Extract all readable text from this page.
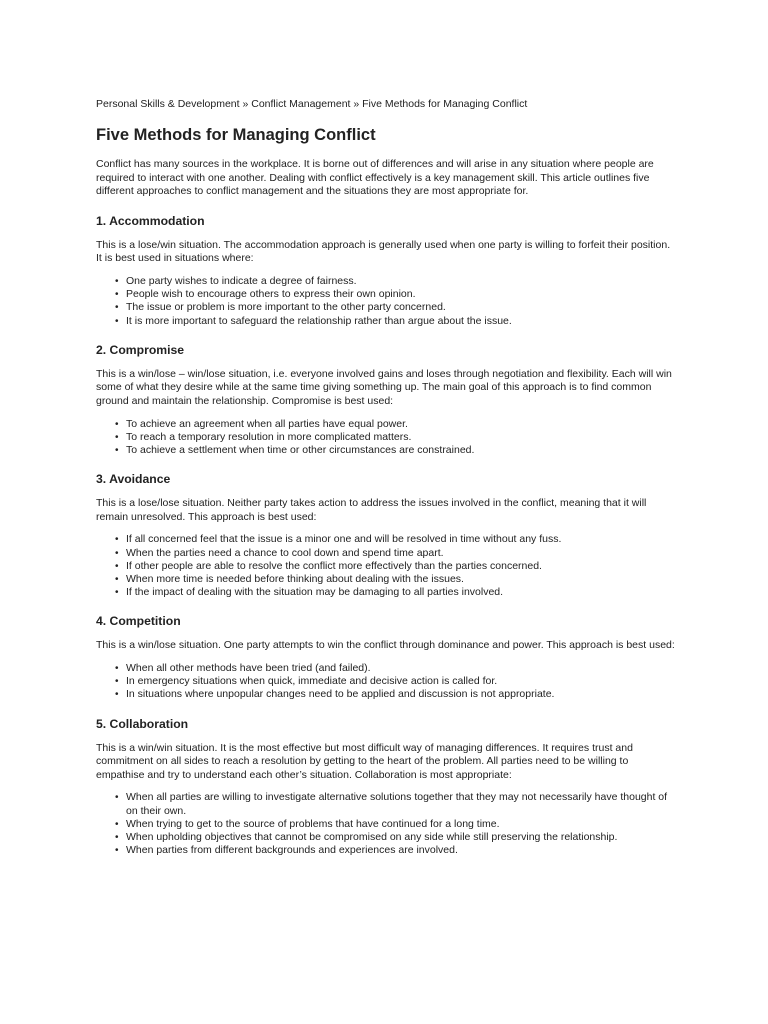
Personal Skills & Development » Conflict Management » Five Methods for Managing Conflict

Five Methods for Managing Conflict

Conflict has many sources in the workplace. It is borne out of differences and will arise in any situation where people are required to interact with one another. Dealing with conflict effectively is a key management skill. This article outlines five different approaches to conflict management and the situations they are most appropriate for.

1. Accommodation

This is a lose/win situation. The accommodation approach is generally used when one party is willing to forfeit their position. It is best used in situations where:

• One party wishes to indicate a degree of fairness.
• People wish to encourage others to express their own opinion.
• The issue or problem is more important to the other party concerned.
• It is more important to safeguard the relationship rather than argue about the issue.
2. Compromise

This is a win/lose – win/lose situation, i.e. everyone involved gains and loses through negotiation and flexibility. Each will win some of what they desire while at the same time giving something up. The main goal of this approach is to find common ground and maintain the relationship. Compromise is best used:

• To achieve an agreement when all parties have equal power.
• To reach a temporary resolution in more complicated matters.
• To achieve a settlement when time or other circumstances are constrained.
3. Avoidance

This is a lose/lose situation. Neither party takes action to address the issues involved in the conflict, meaning that it will remain unresolved. This approach is best used:

• If all concerned feel that the issue is a minor one and will be resolved in time without any fuss.
• When the parties need a chance to cool down and spend time apart.
• If other people are able to resolve the conflict more effectively than the parties concerned.
• When more time is needed before thinking about dealing with the issues.
• If the impact of dealing with the situation may be damaging to all parties involved.
4. Competition

This is a win/lose situation. One party attempts to win the conflict through dominance and power. This approach is best used:

• When all other methods have been tried (and failed).
• In emergency situations when quick, immediate and decisive action is called for.
• In situations where unpopular changes need to be applied and discussion is not appropriate.
5. Collaboration

This is a win/win situation. It is the most effective but most difficult way of managing differences. It requires trust and commitment on all sides to reach a resolution by getting to the heart of the problem. All parties need to be willing to empathise and try to understand each other’s situation. Collaboration is most appropriate:

• When all parties are willing to investigate alternative solutions together that they may not necessarily have thought of on their own.
• When trying to get to the source of problems that have continued for a long time.
• When upholding objectives that cannot be compromised on any side while still preserving the relationship.
• When parties from different backgrounds and experiences are involved.
